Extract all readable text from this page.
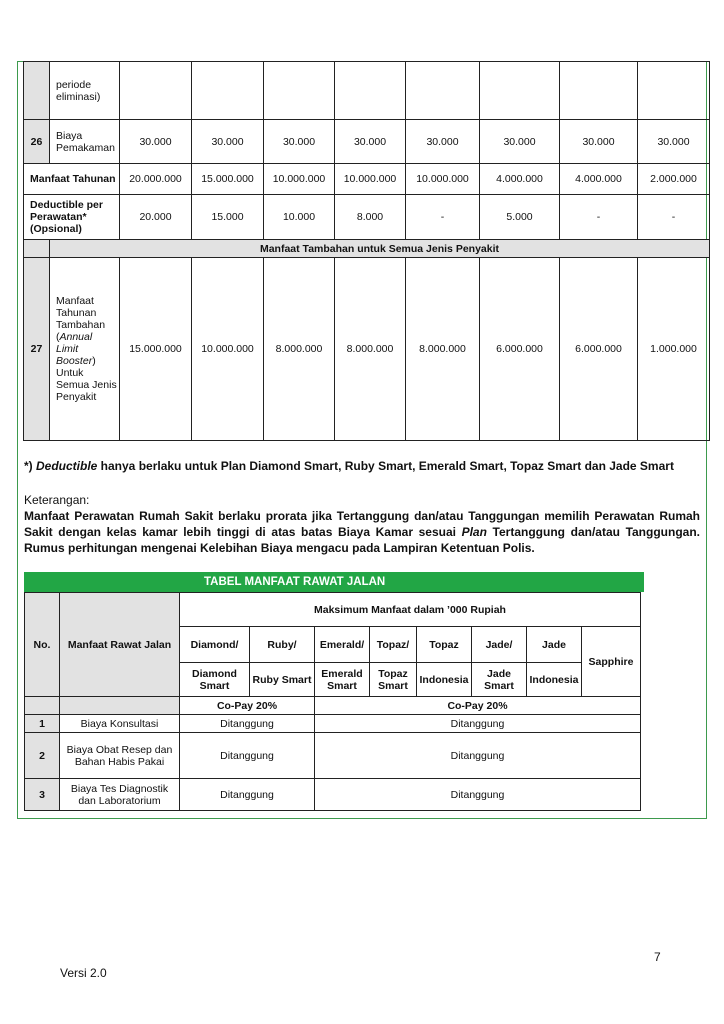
	periode eliminasi)								
26	Biaya Pemakaman	30.000	30.000	30.000	30.000	30.000	30.000	30.000	30.000
Manfaat Tahunan		20.000.000	15.000.000	10.000.000	10.000.000	10.000.000	4.000.000	4.000.000	2.000.000
Deductible per Perawatan* (Opsional)		20.000	15.000	10.000	8.000	-	5.000	-	-
	Manfaat Tambahan untuk Semua Jenis Penyakit								
27	Manfaat Tahunan Tambahan (Annual Limit Booster) Untuk Semua Jenis Penyakit	15.000.000	10.000.000	8.000.000	8.000.000	8.000.000	6.000.000	6.000.000	1.000.000

*) Deductible hanya berlaku untuk Plan Diamond Smart, Ruby Smart, Emerald Smart, Topaz Smart dan Jade Smart

Keterangan:

Manfaat Perawatan Rumah Sakit berlaku prorata jika Tertanggung dan/atau Tanggungan memilih Perawatan Rumah Sakit dengan kelas kamar lebih tinggi di atas batas Biaya Kamar sesuai Plan Tertanggung dan/atau Tanggungan. Rumus perhitungan mengenai Kelebihan Biaya mengacu pada Lampiran Ketentuan Polis.

TABEL MANFAAT RAWAT JALAN
No.	Manfaat Rawat Jalan	Maksimum Manfaat dalam ’000 Rupiah							
		Diamond/	Ruby/	Emerald/	Topaz/	Topaz	Jade/	Jade	Sapphire
		Diamond Smart	Ruby Smart	Emerald Smart	Topaz Smart	Indonesia	Jade Smart	Indonesia	
		Co-Pay 20%		Co-Pay 20%					
1	Biaya Konsultasi	Ditanggung		Ditanggung					
2	Biaya Obat Resep dan Bahan Habis Pakai	Ditanggung		Ditanggung					
3	Biaya Tes Diagnostik dan Laboratorium	Ditanggung		Ditanggung					
7
Versi 2.0
